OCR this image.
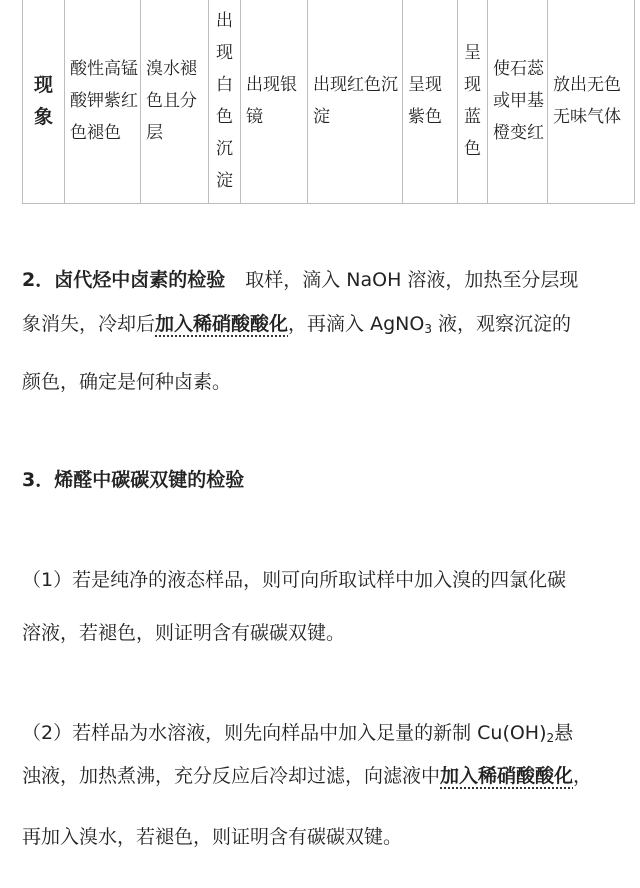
现象	酸性高锰酸钾紫红色褪色	溴水褪色且分层	出现白色沉淀	出现银镜	出现红色沉淀	呈现紫色	呈现蓝色	使石蕊或甲基橙变红	放出无色无味气体
2．卤代烃中卤素的检验 取样，滴入 NaOH 溶液，加热至分层现
象消失，冷却后加入稀硝酸酸化，再滴入 AgNO$_3$ 液，观察沉淀的
颜色，确定是何种卤素。
3．烯醛中碳碳双键的检验
（1）若是纯净的液态样品，则可向所取试样中加入溴的四氯化碳
溶液，若褪色，则证明含有碳碳双键。
（2）若样品为水溶液，则先向样品中加入足量的新制 $Cu(OH)_2$悬
浊液，加热煮沸，充分反应后冷却过滤，向滤液中加入稀硝酸酸化，
再加入溴水，若褪色，则证明含有碳碳双键。
